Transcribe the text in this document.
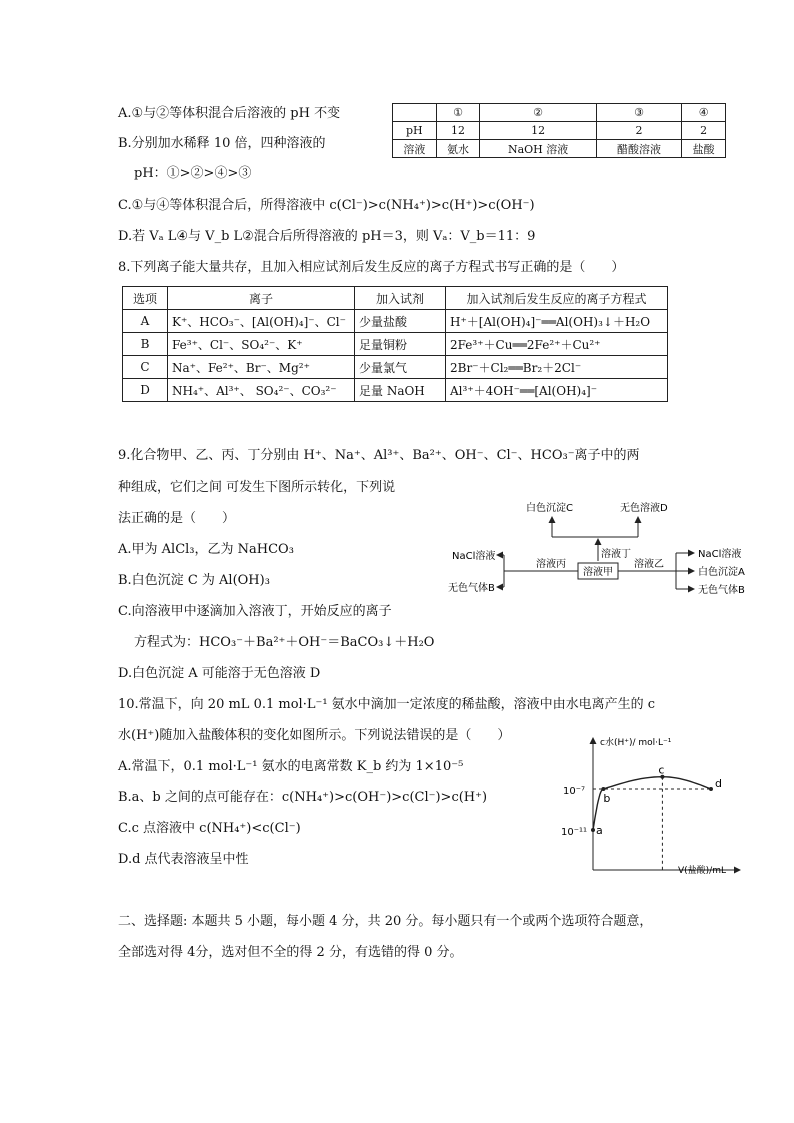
A.①与②等体积混合后溶液的 pH 不变
B.分别加水稀释 10 倍，四种溶液的
pH：①>②>④>③
C.①与④等体积混合后，所得溶液中 c(Cl⁻)>c(NH₄⁺)>c(H⁺)>c(OH⁻)
D.若 Vₐ L④与 V_b L②混合后所得溶液的 pH＝3，则 Vₐ：V_b＝11：9
	①	②	③	④
pH	12	12	2	2
溶液	氨水	NaOH 溶液	醋酸溶液	盐酸
8.下列离子能大量共存，且加入相应试剂后发生反应的离子方程式书写正确的是（　　）
选项	离子	加入试剂	加入试剂后发生反应的离子方程式
A	K⁺、HCO₃⁻、[Al(OH)₄]⁻、Cl⁻	少量盐酸	H⁺＋[Al(OH)₄]⁻══Al(OH)₃↓＋H₂O
B	Fe³⁺、Cl⁻、SO₄²⁻、K⁺	足量铜粉	2Fe³⁺＋Cu══2Fe²⁺＋Cu²⁺
C	Na⁺、Fe²⁺、Br⁻、Mg²⁺	少量氯气	2Br⁻＋Cl₂══Br₂＋2Cl⁻
D	NH₄⁺、Al³⁺、 SO₄²⁻、CO₃²⁻	足量 NaOH	Al³⁺＋4OH⁻══[Al(OH)₄]⁻
9.化合物甲、乙、丙、丁分别由 H⁺、Na⁺、Al³⁺、Ba²⁺、OH⁻、Cl⁻、HCO₃⁻离子中的两
种组成，它们之间 可发生下图所示转化，下列说
法正确的是（　　）
A.甲为 AlCl₃，乙为 NaHCO₃
B.白色沉淀 C 为 Al(OH)₃
C.向溶液甲中逐滴加入溶液丁，开始反应的离子
方程式为：HCO₃⁻＋Ba²⁺＋OH⁻＝BaCO₃↓＋H₂O
D.白色沉淀 A 可能溶于无色溶液 D
白色沉淀C	无色溶液D
溶液丁
溶液甲
溶液丙
NaCl溶液
无色气体B
溶液乙
NaCl溶液
白色沉淀A
无色气体B
10.常温下，向 20 mL 0.1 mol·L⁻¹ 氨水中滴加一定浓度的稀盐酸，溶液中由水电离产生的 c
水(H⁺)随加入盐酸体积的变化如图所示。下列说法错误的是（　　）
A.常温下，0.1 mol·L⁻¹ 氨水的电离常数 K_b 约为 1×10⁻⁵
B.a、b 之间的点可能存在：c(NH₄⁺)>c(OH⁻)>c(Cl⁻)>c(H⁺)
C.c 点溶液中 c(NH₄⁺)<c(Cl⁻)
D.d 点代表溶液呈中性
c水(H⁺)/ mol·L⁻¹
V(盐酸)/mL
10⁻⁷
10⁻¹¹ a
b
c
d
二、选择题: 本题共 5 小题，每小题 4 分，共 20 分。每小题只有一个或两个选项符合题意，
全部选对得 4分，选对但不全的得 2 分，有选错的得 0 分。
